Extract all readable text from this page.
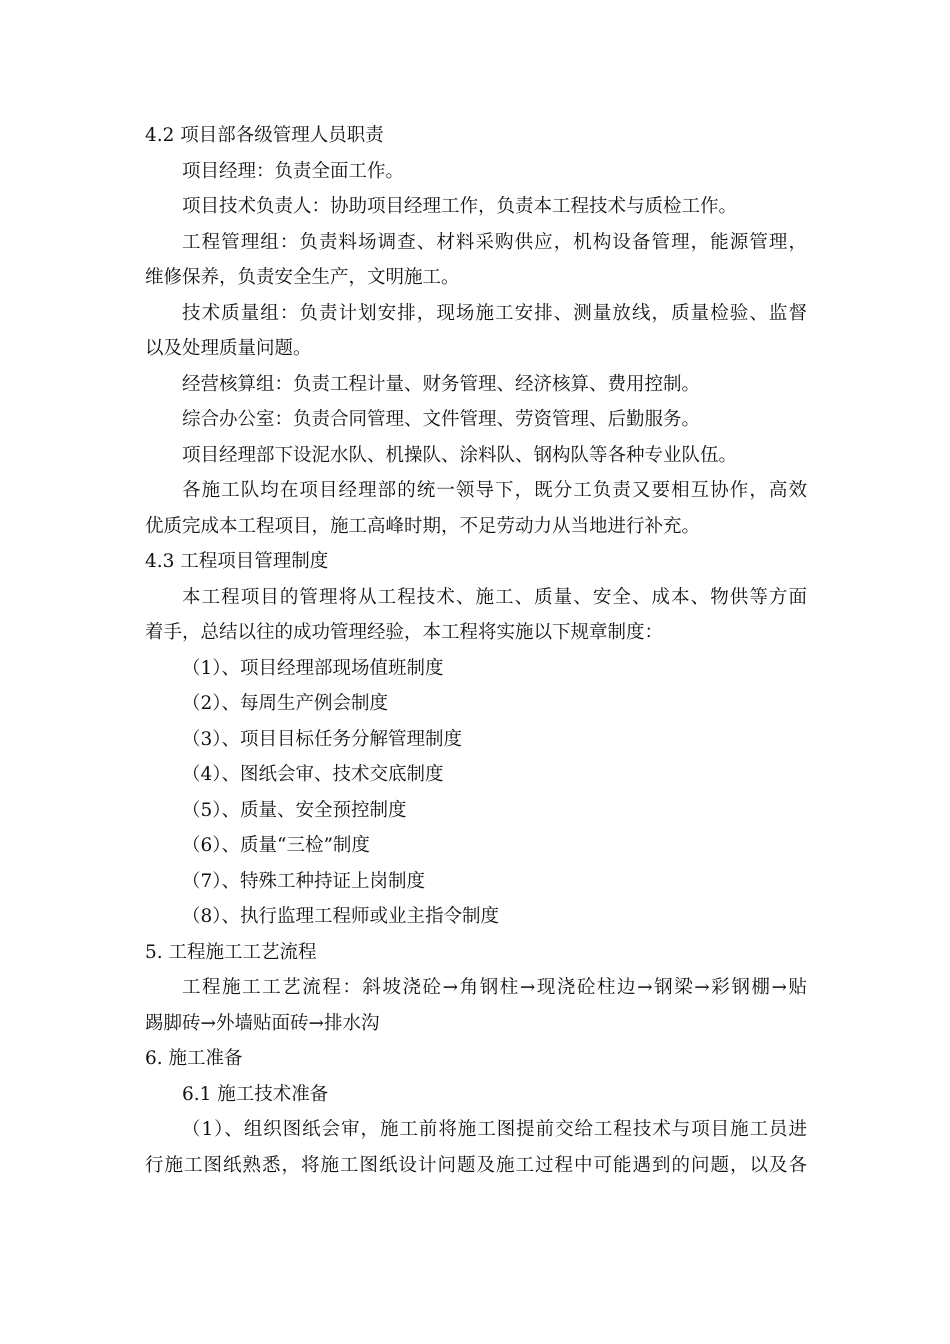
4.2 项目部各级管理人员职责
项目经理：负责全面工作。
项目技术负责人：协助项目经理工作，负责本工程技术与质检工作。
工程管理组：负责料场调查、材料采购供应，机构设备管理，能源管理，
维修保养，负责安全生产，文明施工。
技术质量组：负责计划安排，现场施工安排、测量放线，质量检验、监督
以及处理质量问题。
经营核算组：负责工程计量、财务管理、经济核算、费用控制。
综合办公室：负责合同管理、文件管理、劳资管理、后勤服务。
项目经理部下设泥水队、机操队、涂料队、钢构队等各种专业队伍。
各施工队均在项目经理部的统一领导下，既分工负责又要相互协作，高效
优质完成本工程项目，施工高峰时期，不足劳动力从当地进行补充。
4.3 工程项目管理制度
本工程项目的管理将从工程技术、施工、质量、安全、成本、物供等方面
着手，总结以往的成功管理经验，本工程将实施以下规章制度：
（1）、项目经理部现场值班制度
（2）、每周生产例会制度
（3）、项目目标任务分解管理制度
（4）、图纸会审、技术交底制度
（5）、质量、安全预控制度
（6）、质量“三检”制度
（7）、特殊工种持证上岗制度
（8）、执行监理工程师或业主指令制度
5. 工程施工工艺流程
工程施工工艺流程：斜坡浇砼→角钢柱→现浇砼柱边→钢梁→彩钢棚→贴
踢脚砖→外墙贴面砖→排水沟
6. 施工准备
6.1 施工技术准备
（1）、组织图纸会审，施工前将施工图提前交给工程技术与项目施工员进
行施工图纸熟悉，将施工图纸设计问题及施工过程中可能遇到的问题，以及各
